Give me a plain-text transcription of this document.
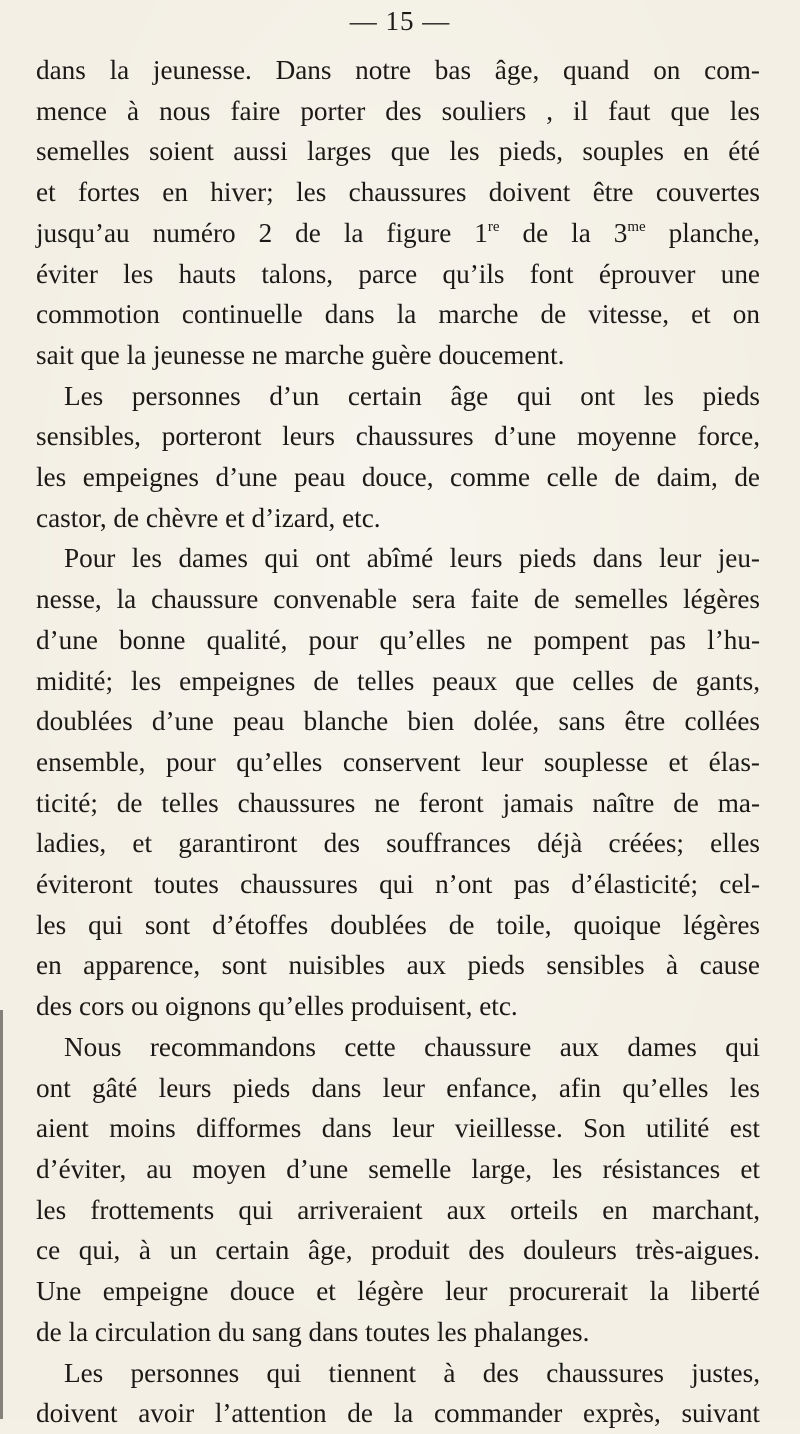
— 15 —
dans la jeunesse. Dans notre bas âge, quand on com-
mence à nous faire porter des souliers , il faut que les
semelles soient aussi larges que les pieds, souples en été
et fortes en hiver; les chaussures doivent être couvertes
jusqu’au numéro 2 de la figure 1re de la $3^{me}$ planche,
éviter les hauts talons, parce qu’ils font éprouver une
commotion continuelle dans la marche de vitesse, et on
sait que la jeunesse ne marche guère doucement.
Les personnes d’un certain âge qui ont les pieds
sensibles, porteront leurs chaussures d’une moyenne force,
les empeignes d’une peau douce, comme celle de daim, de
castor, de chèvre et d’izard, etc.
Pour les dames qui ont abîmé leurs pieds dans leur jeu-
nesse, la chaussure convenable sera faite de semelles légères
d’une bonne qualité, pour qu’elles ne pompent pas l’hu-
midité; les empeignes de telles peaux que celles de gants,
doublées d’une peau blanche bien dolée, sans être collées
ensemble, pour qu’elles conservent leur souplesse et élas-
ticité; de telles chaussures ne feront jamais naître de ma-
ladies, et garantiront des souffrances déjà créées; elles
éviteront toutes chaussures qui n’ont pas d’élasticité; cel-
les qui sont d’étoffes doublées de toile, quoique légères
en apparence, sont nuisibles aux pieds sensibles à cause
des cors ou oignons qu’elles produisent, etc.
Nous recommandons cette chaussure aux dames qui
ont gâté leurs pieds dans leur enfance, afin qu’elles les
aient moins difformes dans leur vieillesse. Son utilité est
d’éviter, au moyen d’une semelle large, les résistances et
les frottements qui arriveraient aux orteils en marchant,
ce qui, à un certain âge, produit des douleurs très-aigues.
Une empeigne douce et légère leur procurerait la liberté
de la circulation du sang dans toutes les phalanges.
Les personnes qui tiennent à des chaussures justes,
doivent avoir l’attention de la commander exprès, suivant
